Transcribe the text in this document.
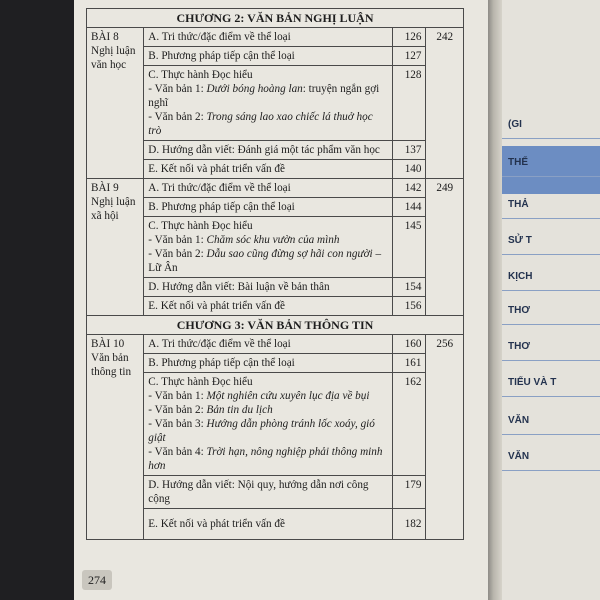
(GI
THỂ
THẢ
SỬ T
KỊCH
THƠ
THƠ
TIỂU VÀ T
VĂN
VĂN
CHƯƠNG 2: VĂN BẢN NGHỊ LUẬN			

BÀI 8
Nghị luận
văn học	A. Tri thức/đặc điểm về thể loại	126	242
	B. Phương pháp tiếp cận thể loại	127	

	C. Thực hành Đọc hiểu
- Văn bản 1: Dưới bóng hoàng lan: truyện ngắn gợi nghĩ
- Văn bản 2: Trong sáng lao xao chiếc lá thuở học trò	128	
	D. Hướng dẫn viết: Đánh giá một tác phẩm văn học	137	
	E. Kết nối và phát triển vấn đề	140	

BÀI 9
Nghị luận
xã hội	A. Tri thức/đặc điểm về thể loại	142	249
	B. Phương pháp tiếp cận thể loại	144	

	C. Thực hành Đọc hiểu
- Văn bản 1: Chăm sóc khu vườn của mình
- Văn bản 2: Dẫu sao cũng đừng sợ hãi con người – Lữ Ân	145	
	D. Hướng dẫn viết: Bài luận về bản thân	154	
	E. Kết nối và phát triển vấn đề	156	
CHƯƠNG 3: VĂN BẢN THÔNG TIN			

BÀI 10
Văn bản
thông tin	A. Tri thức/đặc điểm về thể loại	160	256
	B. Phương pháp tiếp cận thể loại	161	

	C. Thực hành Đọc hiểu
- Văn bản 1: Một nghiên cứu xuyên lục địa về bụi
- Văn bản 2: Bản tin du lịch
- Văn bản 3: Hướng dẫn phòng tránh lốc xoáy, gió giật
- Văn bản 4: Trời hạn, nông nghiệp phải thông minh hơn	162	
	D. Hướng dẫn viết: Nội quy, hướng dẫn nơi công cộng	179	
	E. Kết nối và phát triển vấn đề	182	
274
